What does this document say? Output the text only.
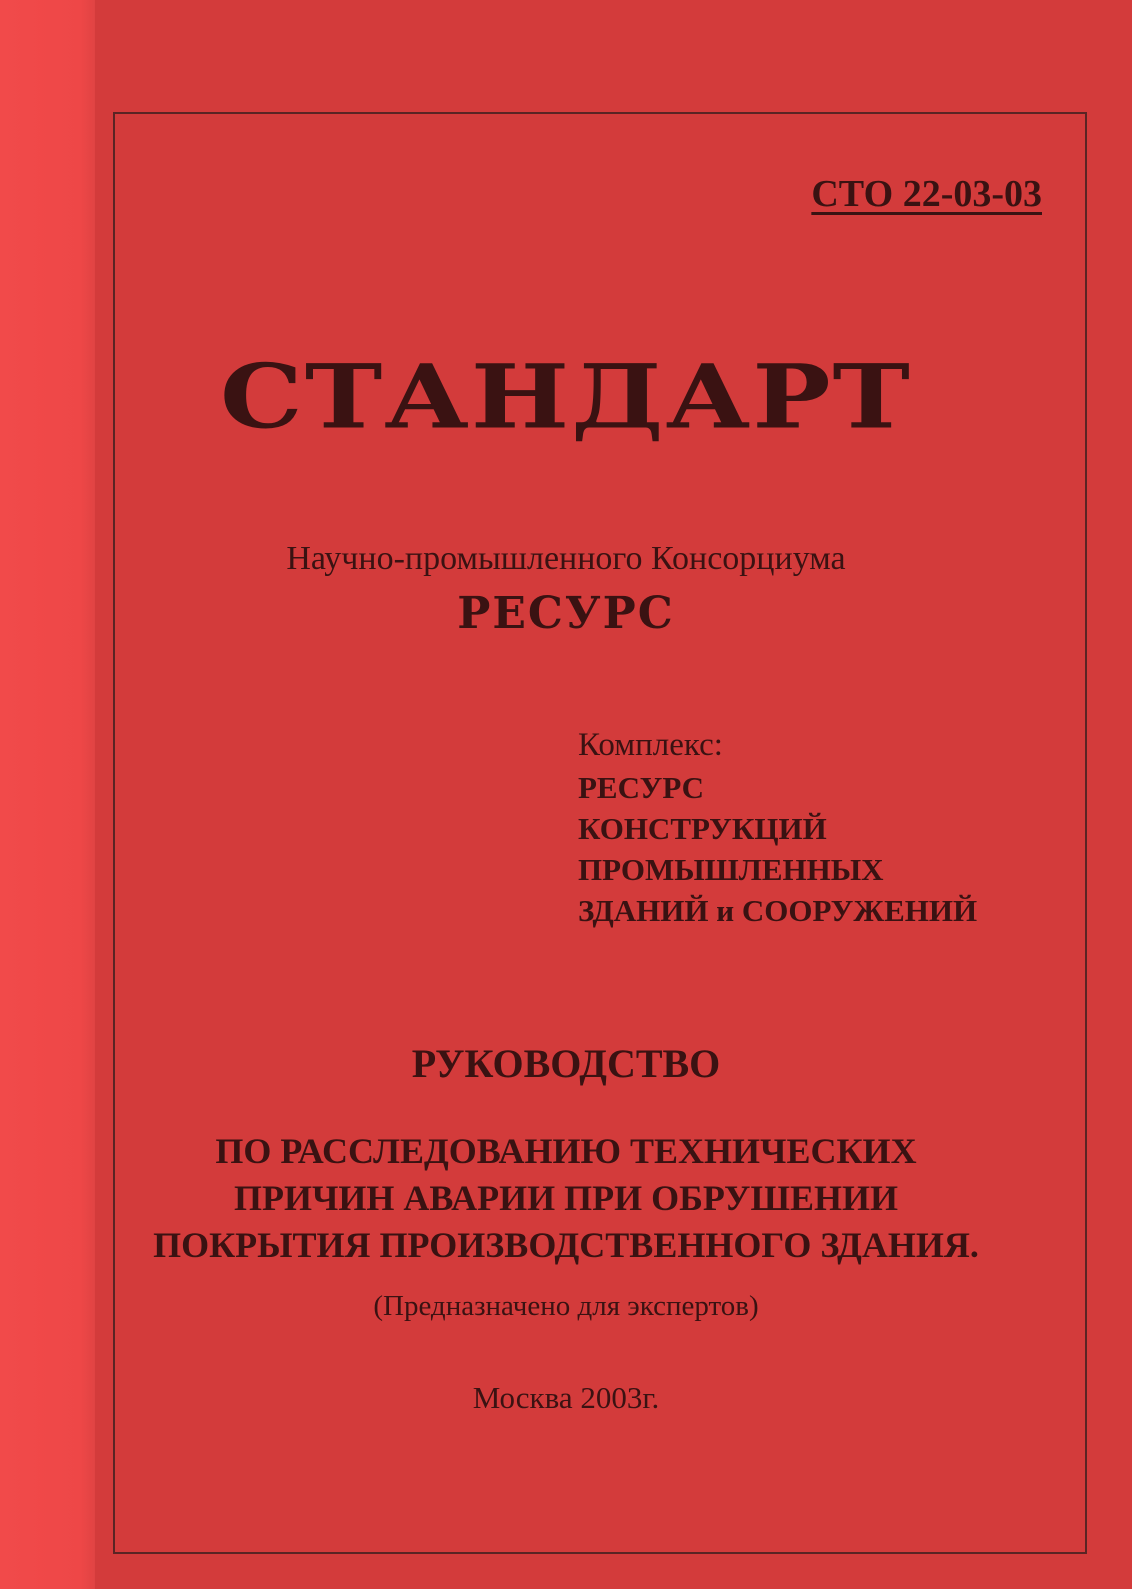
СТО 22-03-03

СТАНДАРТ

Научно-промышленного Консорциума

РЕСУРС

Комплекс:

РЕСУРС

КОНСТРУКЦИЙ

ПРОМЫШЛЕННЫХ

ЗДАНИЙ и СООРУЖЕНИЙ

РУКОВОДСТВО

ПО РАССЛЕДОВАНИЮ ТЕХНИЧЕСКИХ

ПРИЧИН АВАРИИ ПРИ ОБРУШЕНИИ

ПОКРЫТИЯ ПРОИЗВОДСТВЕННОГО ЗДАНИЯ.

(Предназначено для экспертов)

Москва 2003г.
